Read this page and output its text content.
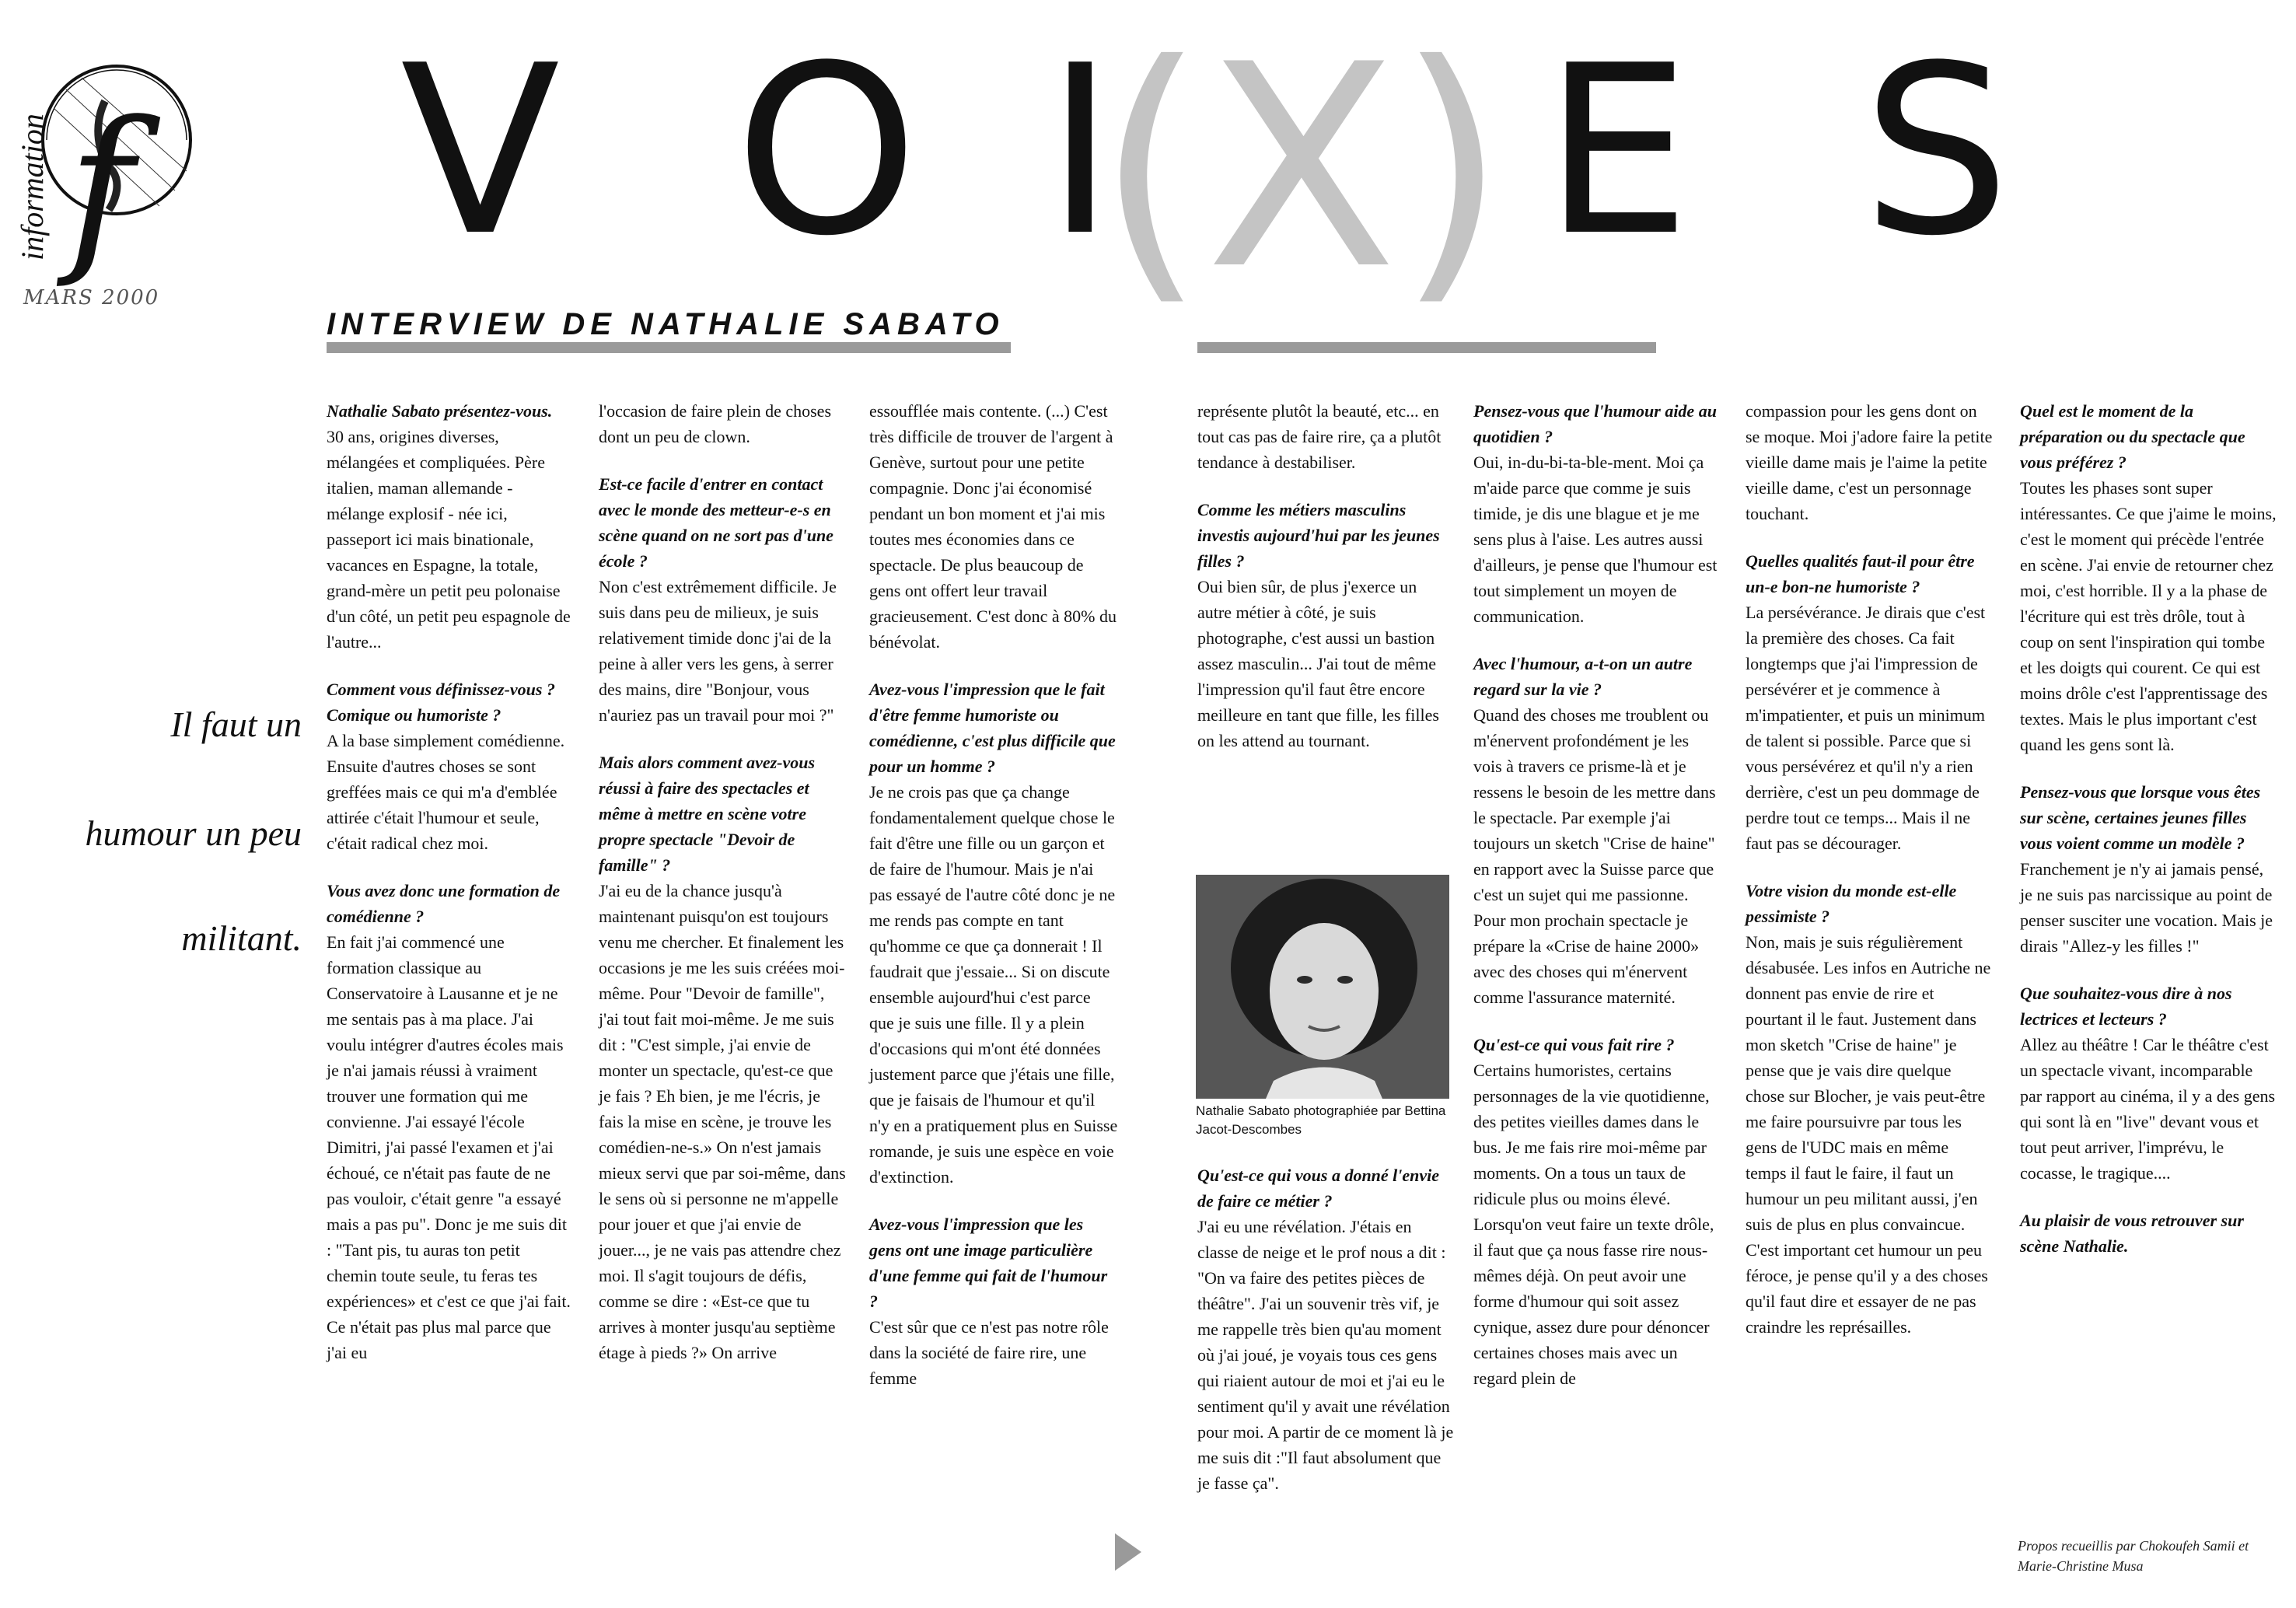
f
information
MARS 2000
V O I
(X) E S
INTERVIEW DE NATHALIE SABATO
Il faut un
humour un peu
militant.

Nathalie Sabato présentez-vous.

30 ans, origines diverses, mélangées et compliquées. Père italien, maman allemande - mélange explosif - née ici, passeport ici mais binationale, vacances en Espagne, la totale, grand-mère un petit peu polonaise d'un côté, un petit peu espagnole de l'autre...

Comment vous définissez-vous ? Comique ou humoriste ?

A la base simplement comédienne. Ensuite d'autres choses se sont greffées mais ce qui m'a d'emblée attirée c'était l'humour et seule, c'était radical chez moi.

Vous avez donc une formation de comédienne ?

En fait j'ai commencé une formation classique au Conservatoire à Lausanne et je ne me sentais pas à ma place. J'ai voulu intégrer d'autres écoles mais je n'ai jamais réussi à vraiment trouver une formation qui me convienne. J'ai essayé l'école Dimitri, j'ai passé l'examen et j'ai échoué, ce n'était pas faute de ne pas vouloir, c'était genre "a essayé mais a pas pu". Donc je me suis dit : "Tant pis, tu auras ton petit chemin toute seule, tu feras tes expériences» et c'est ce que j'ai fait. Ce n'était pas plus mal parce que j'ai eu

l'occasion de faire plein de choses dont un peu de clown.

Est-ce facile d'entrer en contact avec le monde des metteur-e-s en scène quand on ne sort pas d'une école ?

Non c'est extrêmement difficile. Je suis dans peu de milieux, je suis relativement timide donc j'ai de la peine à aller vers les gens, à serrer des mains, dire "Bonjour, vous n'auriez pas un travail pour moi ?"

Mais alors comment avez-vous réussi à faire des spectacles et même à mettre en scène votre propre spectacle "Devoir de famille" ?

J'ai eu de la chance jusqu'à maintenant puisqu'on est toujours venu me chercher. Et finalement les occasions je me les suis créées moi-même. Pour "Devoir de famille", j'ai tout fait moi-même. Je me suis dit : "C'est simple, j'ai envie de monter un spectacle, qu'est-ce que je fais ? Eh bien, je me l'écris, je fais la mise en scène, je trouve les comédien-ne-s.» On n'est jamais mieux servi que par soi-même, dans le sens où si personne ne m'appelle pour jouer et que j'ai envie de jouer..., je ne vais pas attendre chez moi. Il s'agit toujours de défis, comme se dire : «Est-ce que tu arrives à monter jusqu'au septième étage à pieds ?» On arrive

essoufflée mais contente. (...) C'est très difficile de trouver de l'argent à Genève, surtout pour une petite compagnie. Donc j'ai économisé pendant un bon moment et j'ai mis toutes mes économies dans ce spectacle. De plus beaucoup de gens ont offert leur travail gracieusement. C'est donc à 80% du bénévolat.

Avez-vous l'impression que le fait d'être femme humoriste ou comédienne, c'est plus difficile que pour un homme ?

Je ne crois pas que ça change fondamentalement quelque chose le fait d'être une fille ou un garçon et de faire de l'humour. Mais je n'ai pas essayé de l'autre côté donc je ne me rends pas compte en tant qu'homme ce que ça donnerait ! Il faudrait que j'essaie... Si on discute ensemble aujourd'hui c'est parce que je suis une fille. Il y a plein d'occasions qui m'ont été données justement parce que j'étais une fille, que je faisais de l'humour et qu'il n'y en a pratiquement plus en Suisse romande, je suis une espèce en voie d'extinction.

Avez-vous l'impression que les gens ont une image particulière d'une femme qui fait de l'humour ?

C'est sûr que ce n'est pas notre rôle dans la société de faire rire, une femme

représente plutôt la beauté, etc... en tout cas pas de faire rire, ça a plutôt tendance à destabiliser.

Comme les métiers masculins investis aujourd'hui par les jeunes filles ?

Oui bien sûr, de plus j'exerce un autre métier à côté, je suis photographe, c'est aussi un bastion assez masculin... J'ai tout de même l'impression qu'il faut être encore meilleure en tant que fille, les filles on les attend au tournant.

Qu'est-ce qui vous a donné l'envie de faire ce métier ?

J'ai eu une révélation. J'étais en classe de neige et le prof nous a dit : "On va faire des petites pièces de théâtre". J'ai un souvenir très vif, je me rappelle très bien qu'au moment où j'ai joué, je voyais tous ces gens qui riaient autour de moi et j'ai eu le sentiment qu'il y avait une révélation pour moi. A partir de ce moment là je me suis dit :"Il faut absolument que je fasse ça".

Pensez-vous que l'humour aide au quotidien ?

Oui, in-du-bi-ta-ble-ment. Moi ça m'aide parce que comme je suis timide, je dis une blague et je me sens plus à l'aise. Les autres aussi d'ailleurs, je pense que l'humour est tout simplement un moyen de communication.

Avec l'humour, a-t-on un autre regard sur la vie ?

Quand des choses me troublent ou m'énervent profondément je les vois à travers ce prisme-là et je ressens le besoin de les mettre dans le spectacle. Par exemple j'ai toujours un sketch "Crise de haine" en rapport avec la Suisse parce que c'est un sujet qui me passionne. Pour mon prochain spectacle je prépare la «Crise de haine 2000» avec des choses qui m'énervent comme l'assurance maternité.

Qu'est-ce qui vous fait rire ?

Certains humoristes, certains personnages de la vie quotidienne, des petites vieilles dames dans le bus. Je me fais rire moi-même par moments. On a tous un taux de ridicule plus ou moins élevé. Lorsqu'on veut faire un texte drôle, il faut que ça nous fasse rire nous-mêmes déjà. On peut avoir une forme d'humour qui soit assez cynique, assez dure pour dénoncer certaines choses mais avec un regard plein de

compassion pour les gens dont on se moque. Moi j'adore faire la petite vieille dame mais je l'aime la petite vieille dame, c'est un personnage touchant.

Quelles qualités faut-il pour être un-e bon-ne humoriste ?

La persévérance. Je dirais que c'est la première des choses. Ca fait longtemps que j'ai l'impression de persévérer et je commence à m'impatienter, et puis un minimum de talent si possible. Parce que si vous persévérez et qu'il n'y a rien derrière, c'est un peu dommage de perdre tout ce temps... Mais il ne faut pas se décourager.

Votre vision du monde est-elle pessimiste ?

Non, mais je suis régulièrement désabusée. Les infos en Autriche ne donnent pas envie de rire et pourtant il le faut. Justement dans mon sketch "Crise de haine" je pense que je vais dire quelque chose sur Blocher, je vais peut-être me faire poursuivre par tous les gens de l'UDC mais en même temps il faut le faire, il faut un humour un peu militant aussi, j'en suis de plus en plus convaincue. C'est important cet humour un peu féroce, je pense qu'il y a des choses qu'il faut dire et essayer de ne pas craindre les représailles.

Quel est le moment de la préparation ou du spectacle que vous préférez ?

Toutes les phases sont super intéressantes. Ce que j'aime le moins, c'est le moment qui précède l'entrée en scène. J'ai envie de retourner chez moi, c'est horrible. Il y a la phase de l'écriture qui est très drôle, tout à coup on sent l'inspiration qui tombe et les doigts qui courent. Ce qui est moins drôle c'est l'apprentissage des textes. Mais le plus important c'est quand les gens sont là.

Pensez-vous que lorsque vous êtes sur scène, certaines jeunes filles vous voient comme un modèle ?

Franchement je n'y ai jamais pensé, je ne suis pas narcissique au point de penser susciter une vocation. Mais je dirais "Allez-y les filles !"

Que souhaitez-vous dire à nos lectrices et lecteurs ?

Allez au théâtre ! Car le théâtre c'est un spectacle vivant, incomparable par rapport au cinéma, il y a des gens qui sont là en "live" devant vous et tout peut arriver, l'imprévu, le cocasse, le tragique....

Au plaisir de vous retrouver sur scène Nathalie.

Nathalie Sabato photographiée par Bettina Jacot-Descombes
Propos recueillis par Chokoufeh Samii et Marie-Christine Musa
